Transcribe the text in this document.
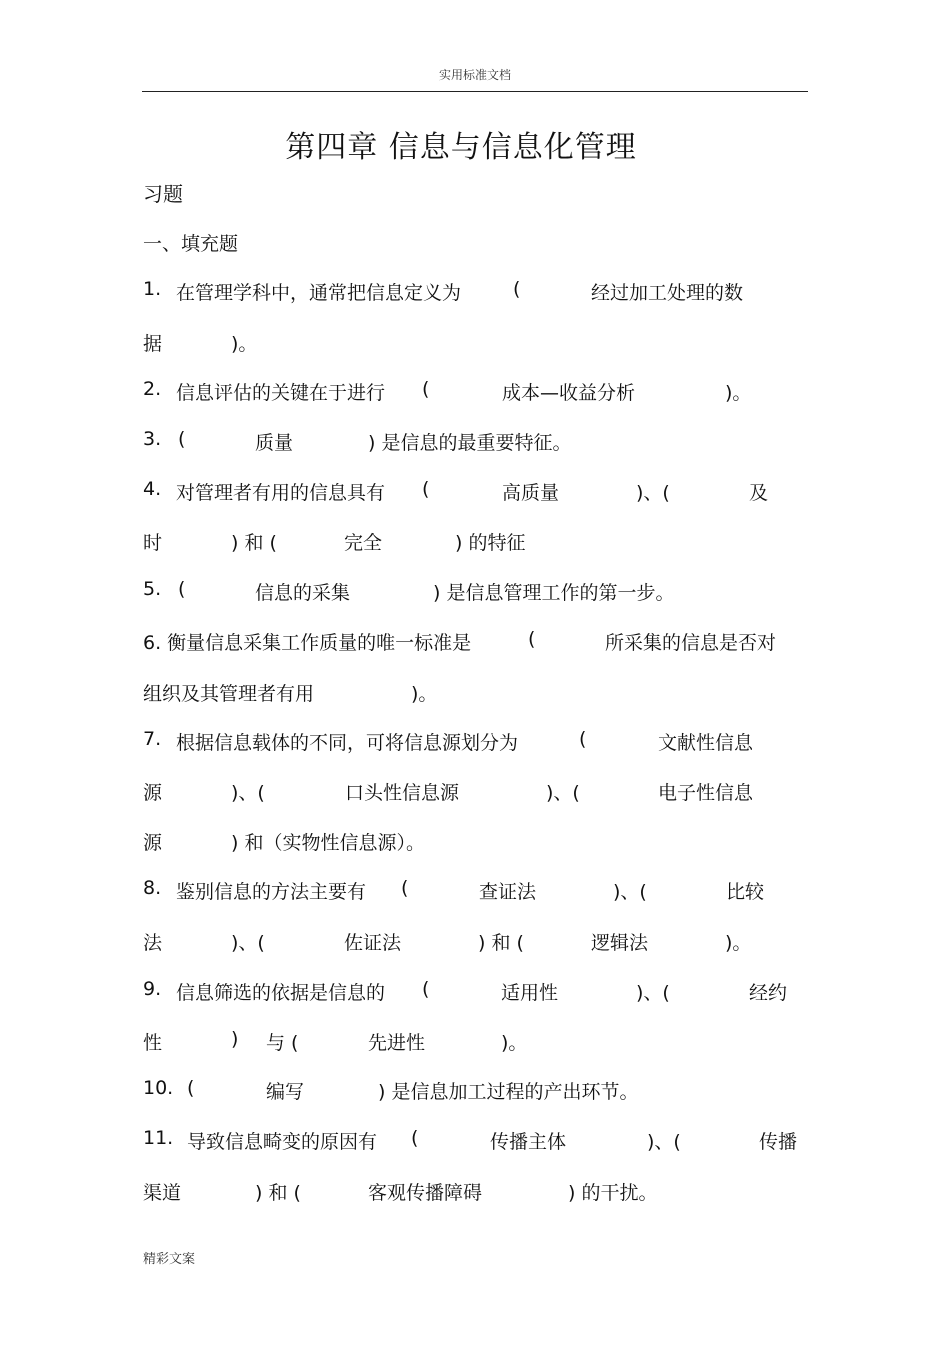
实用标准文档
第四章 信息与信息化管理
习题
一、填充题
1. 在管理学科中，通常把信息定义为	(	经过加工处理的数
据	)。
2. 信息评估的关键在于进行 (	成本—收益分析	)。
3. (	质量	) 是信息的最重要特征。
4. 对管理者有用的信息具有 (	高质量	)、(	及
时	) 和 (	完全	) 的特征
5. (	信息的采集	) 是信息管理工作的第一步。
6. 衡量信息采集工作质量的唯一标准是	(	所采集的信息是否对
组织及其管理者有用	)。
7. 根据信息载体的不同，可将信息源划分为	(	文献性信息
源	)、(	口头性信息源	)、(	电子性信息
源	) 和（实物性信息源）。
8. 鉴别信息的方法主要有 (	查证法	)、(	比较
法	)、(	佐证法	) 和 (	逻辑法	)。
9. 信息筛选的依据是信息的 (	适用性	)、(	经约
性	) 与 (	先进性	)。
10. (	编写	) 是信息加工过程的产出环节。
11. 导致信息畸变的原因有 (	传播主体	)、(	传播
渠道	) 和 (	客观传播障碍	) 的干扰。
精彩文案
